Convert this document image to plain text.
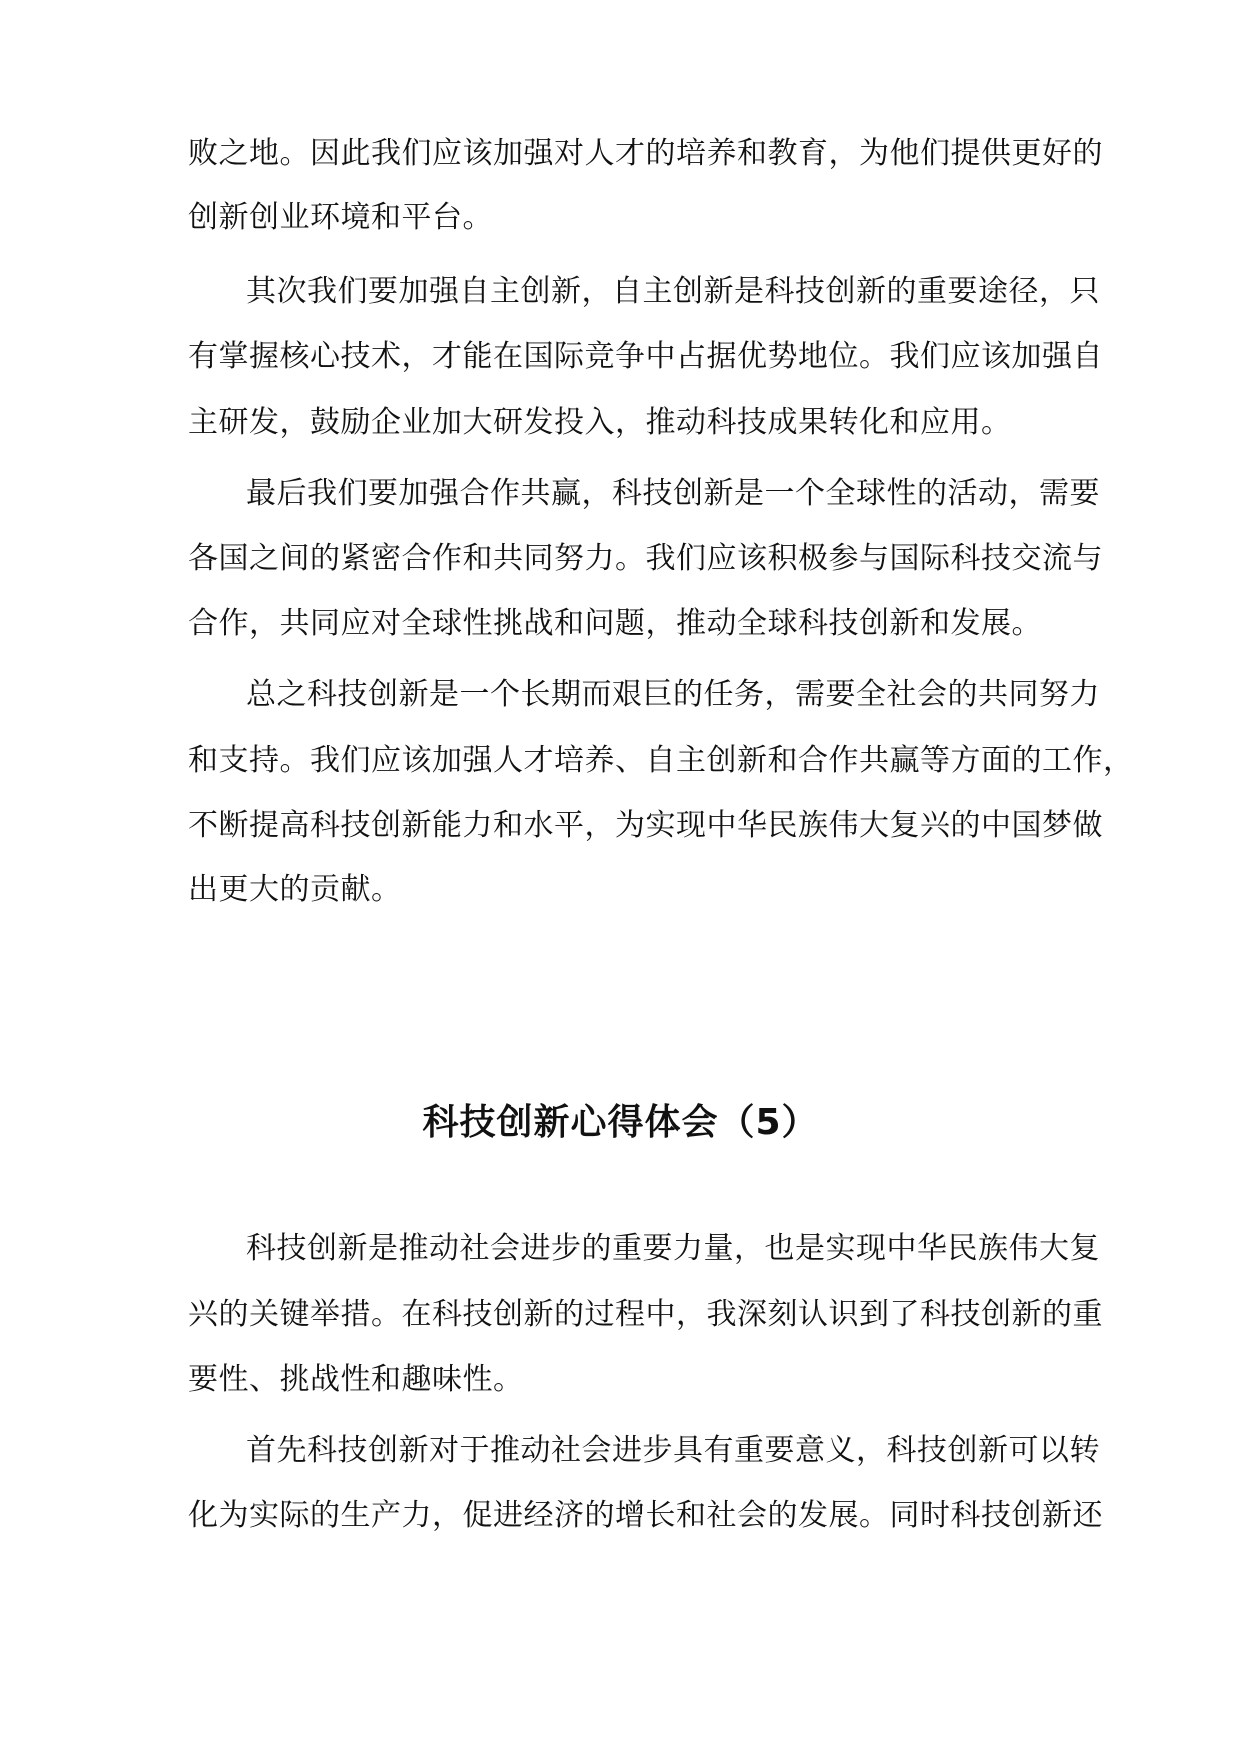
败之地。因此我们应该加强对人才的培养和教育，为他们提供更好的
创新创业环境和平台。
其次我们要加强自主创新，自主创新是科技创新的重要途径，只
有掌握核心技术，才能在国际竞争中占据优势地位。我们应该加强自
主研发，鼓励企业加大研发投入，推动科技成果转化和应用。
最后我们要加强合作共赢，科技创新是一个全球性的活动，需要
各国之间的紧密合作和共同努力。我们应该积极参与国际科技交流与
合作，共同应对全球性挑战和问题，推动全球科技创新和发展。
总之科技创新是一个长期而艰巨的任务，需要全社会的共同努力
和支持。我们应该加强人才培养、自主创新和合作共赢等方面的工作，
不断提高科技创新能力和水平，为实现中华民族伟大复兴的中国梦做
出更大的贡献。
科技创新心得体会（5）
科技创新是推动社会进步的重要力量，也是实现中华民族伟大复
兴的关键举措。在科技创新的过程中，我深刻认识到了科技创新的重
要性、挑战性和趣味性。
首先科技创新对于推动社会进步具有重要意义，科技创新可以转
化为实际的生产力，促进经济的增长和社会的发展。同时科技创新还
